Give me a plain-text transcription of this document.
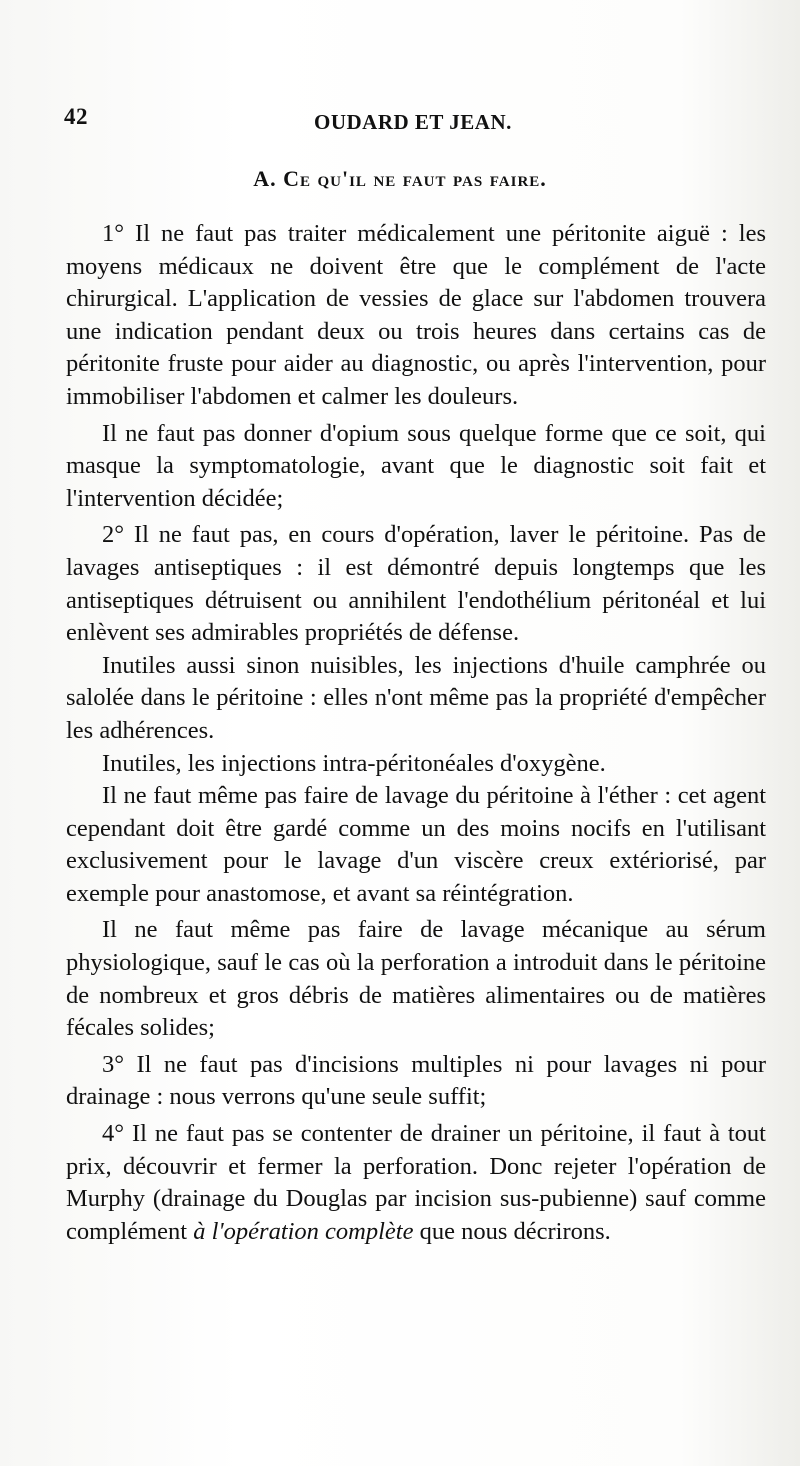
42	OUDARD ET JEAN.
A. Ce qu'il ne faut pas faire.

1° Il ne faut pas traiter médicalement une péritonite aiguë : les moyens médicaux ne doivent être que le complément de l'acte chirurgical. L'application de vessies de glace sur l'abdomen trouvera une indication pendant deux ou trois heures dans certains cas de péritonite fruste pour aider au diagnostic, ou après l'intervention, pour immobiliser l'abdomen et calmer les douleurs.

Il ne faut pas donner d'opium sous quelque forme que ce soit, qui masque la symptomatologie, avant que le diagnostic soit fait et l'intervention décidée;

2° Il ne faut pas, en cours d'opération, laver le péritoine. Pas de lavages antiseptiques : il est démontré depuis longtemps que les antiseptiques détruisent ou annihilent l'endothélium péritonéal et lui enlèvent ses admirables propriétés de défense.

Inutiles aussi sinon nuisibles, les injections d'huile camphrée ou salolée dans le péritoine : elles n'ont même pas la propriété d'empêcher les adhérences.

Inutiles, les injections intra-péritonéales d'oxygène.

Il ne faut même pas faire de lavage du péritoine à l'éther : cet agent cependant doit être gardé comme un des moins nocifs en l'utilisant exclusivement pour le lavage d'un viscère creux extériorisé, par exemple pour anastomose, et avant sa réintégration.

Il ne faut même pas faire de lavage mécanique au sérum physiologique, sauf le cas où la perforation a introduit dans le péritoine de nombreux et gros débris de matières alimentaires ou de matières fécales solides;

3° Il ne faut pas d'incisions multiples ni pour lavages ni pour drainage : nous verrons qu'une seule suffit;

4° Il ne faut pas se contenter de drainer un péritoine, il faut à tout prix, découvrir et fermer la perforation. Donc rejeter l'opération de Murphy (drainage du Douglas par incision sus-pubienne) sauf comme complément à l'opération complète que nous décrirons.
